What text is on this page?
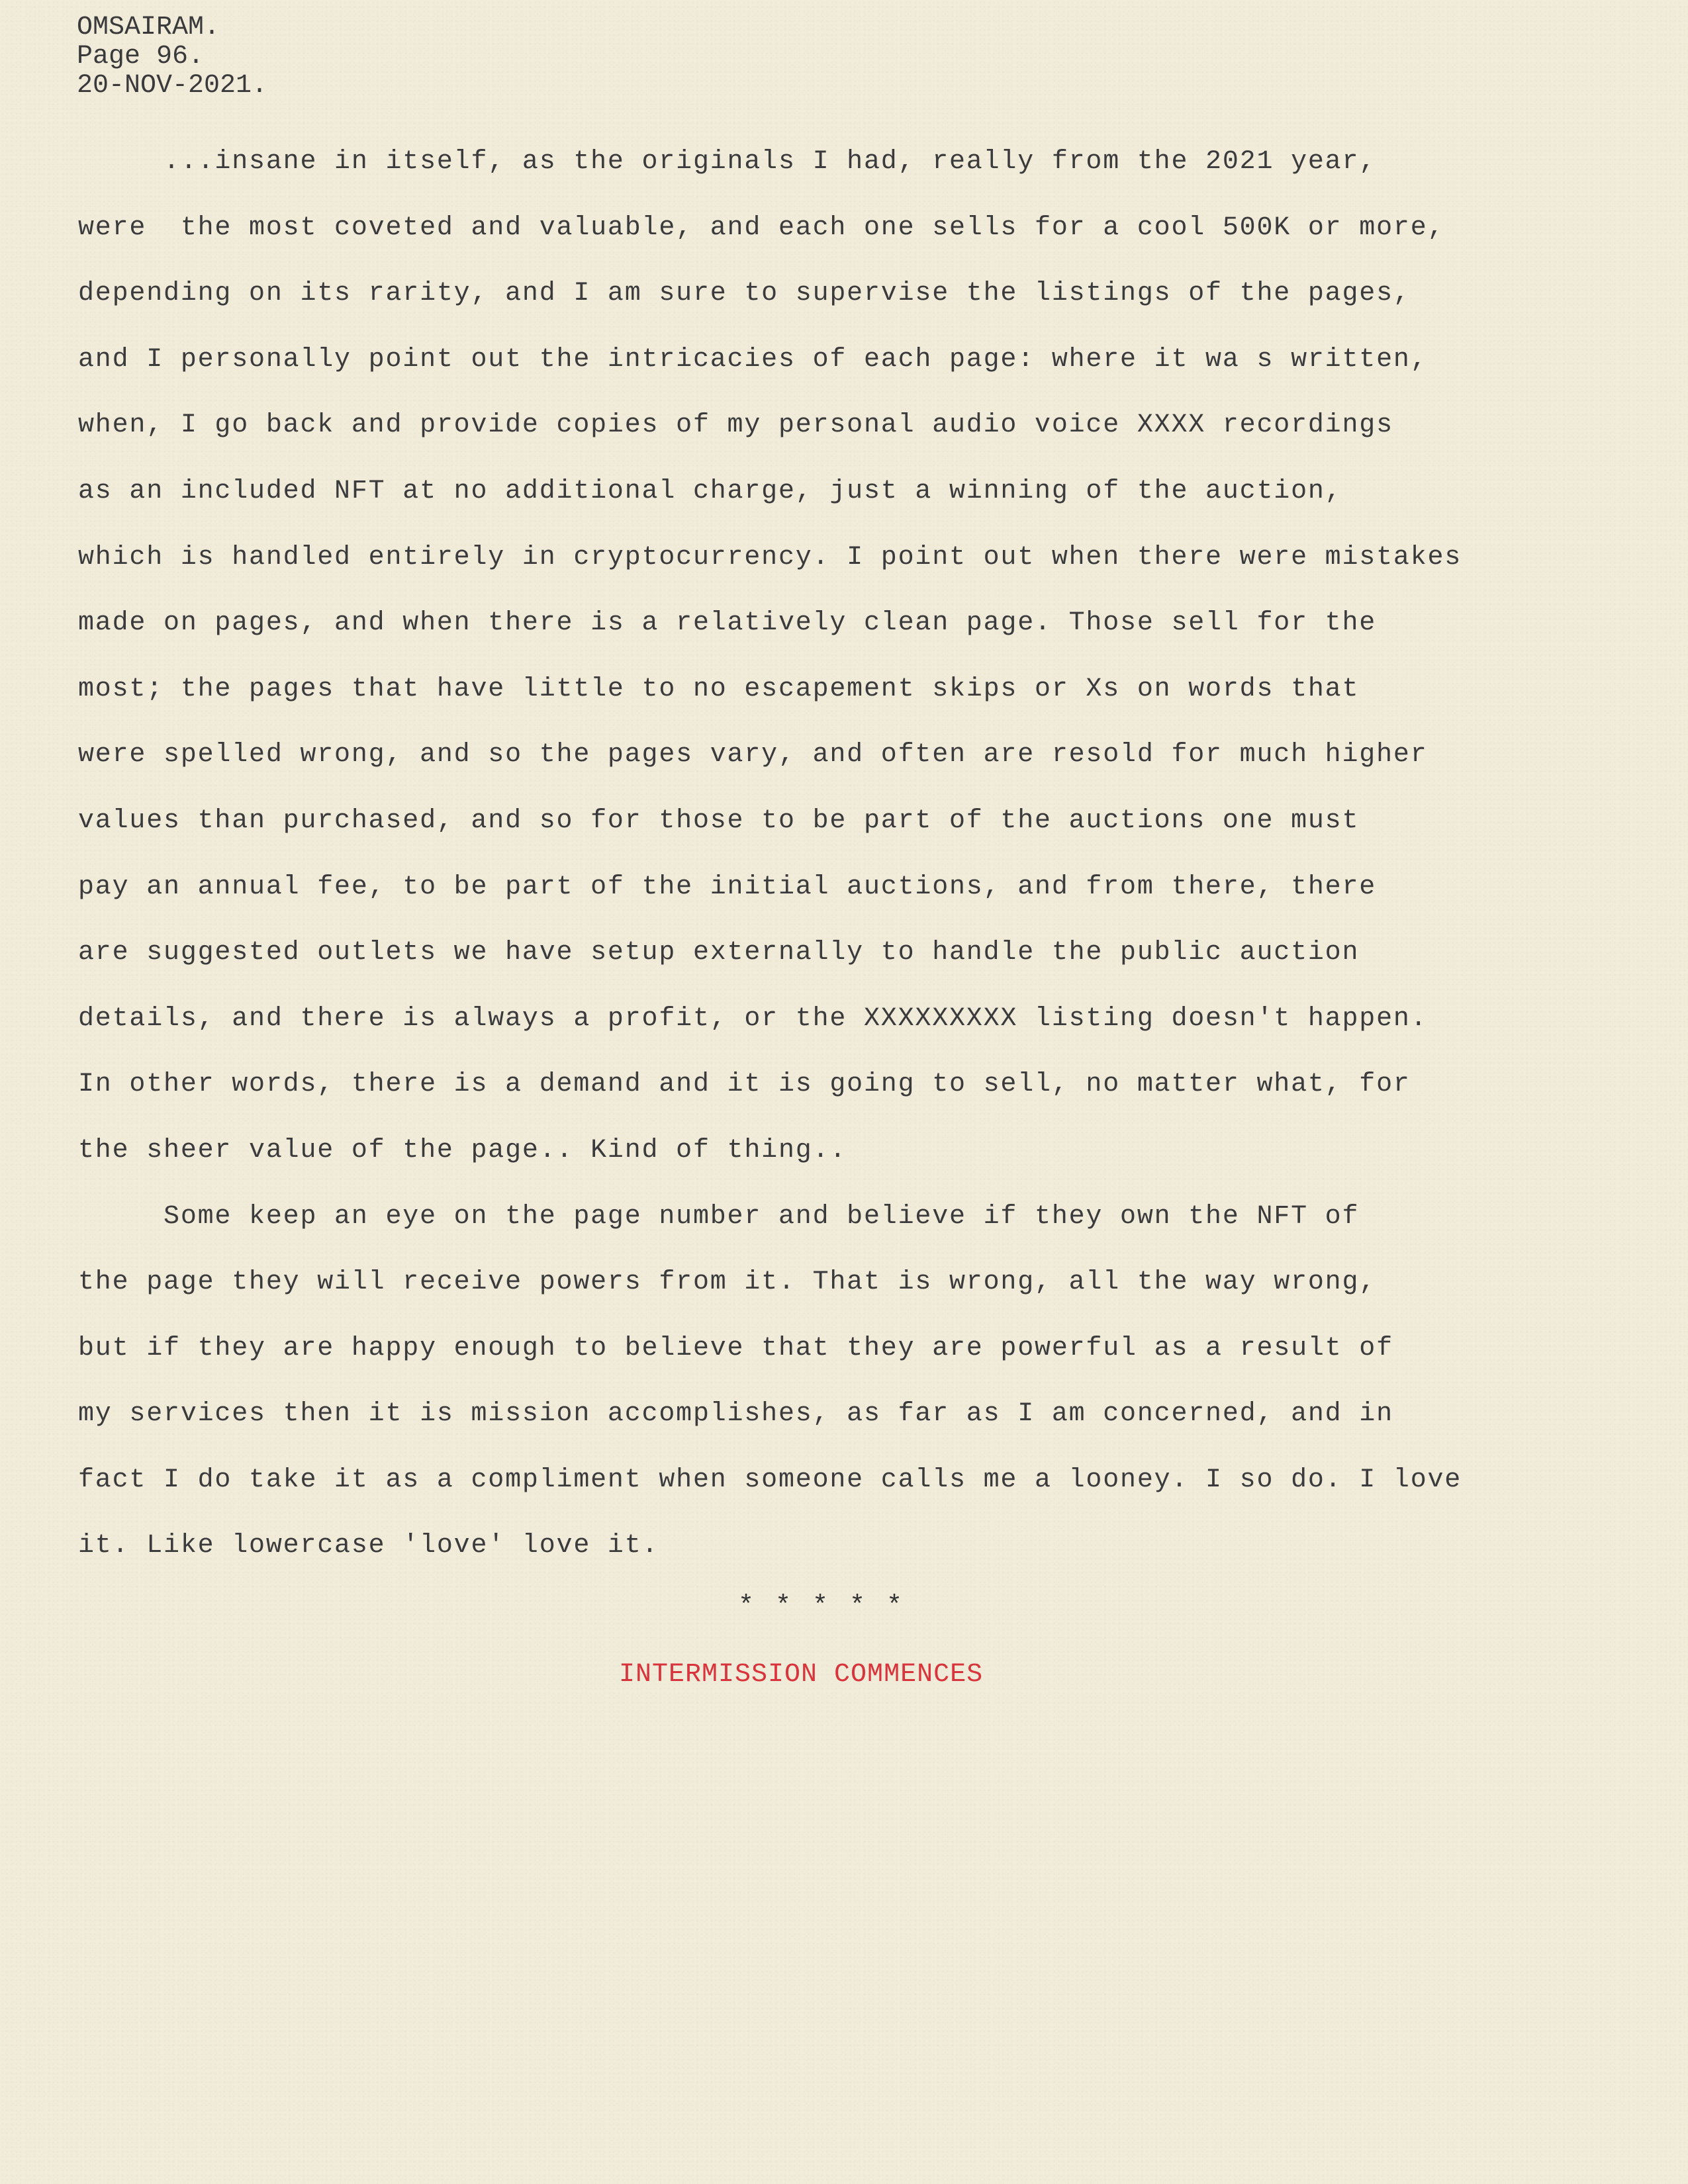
OMSAIRAM.
Page 96.
20-NOV-2021.
...insane in itself, as the originals I had, really from the 2021 year,
were  the most coveted and valuable, and each one sells for a cool 500K or more,
depending on its rarity, and I am sure to supervise the listings of the pages,
and I personally point out the intricacies of each page: where it wa s written,
when, I go back and provide copies of my personal audio voice XXXX recordings
as an included NFT at no additional charge, just a winning of the auction,
which is handled entirely in cryptocurrency. I point out when there were mistakes
made on pages, and when there is a relatively clean page. Those sell for the
most; the pages that have little to no escapement skips or Xs on words that
were spelled wrong, and so the pages vary, and often are resold for much higher
values than purchased, and so for those to be part of the auctions one must
pay an annual fee, to be part of the initial auctions, and from there, there
are suggested outlets we have setup externally to handle the public auction
details, and there is always a profit, or the XXXXXXXXX listing doesn't happen.
In other words, there is a demand and it is going to sell, no matter what, for
the sheer value of the page.. Kind of thing..
Some keep an eye on the page number and believe if they own the NFT of
the page they will receive powers from it. That is wrong, all the way wrong,
but if they are happy enough to believe that they are powerful as a result of
my services then it is mission accomplishes, as far as I am concerned, and in
fact I do take it as a compliment when someone calls me a looney. I so do. I love
it. Like lowercase 'love' love it.
* * * * *
INTERMISSION COMMENCES
